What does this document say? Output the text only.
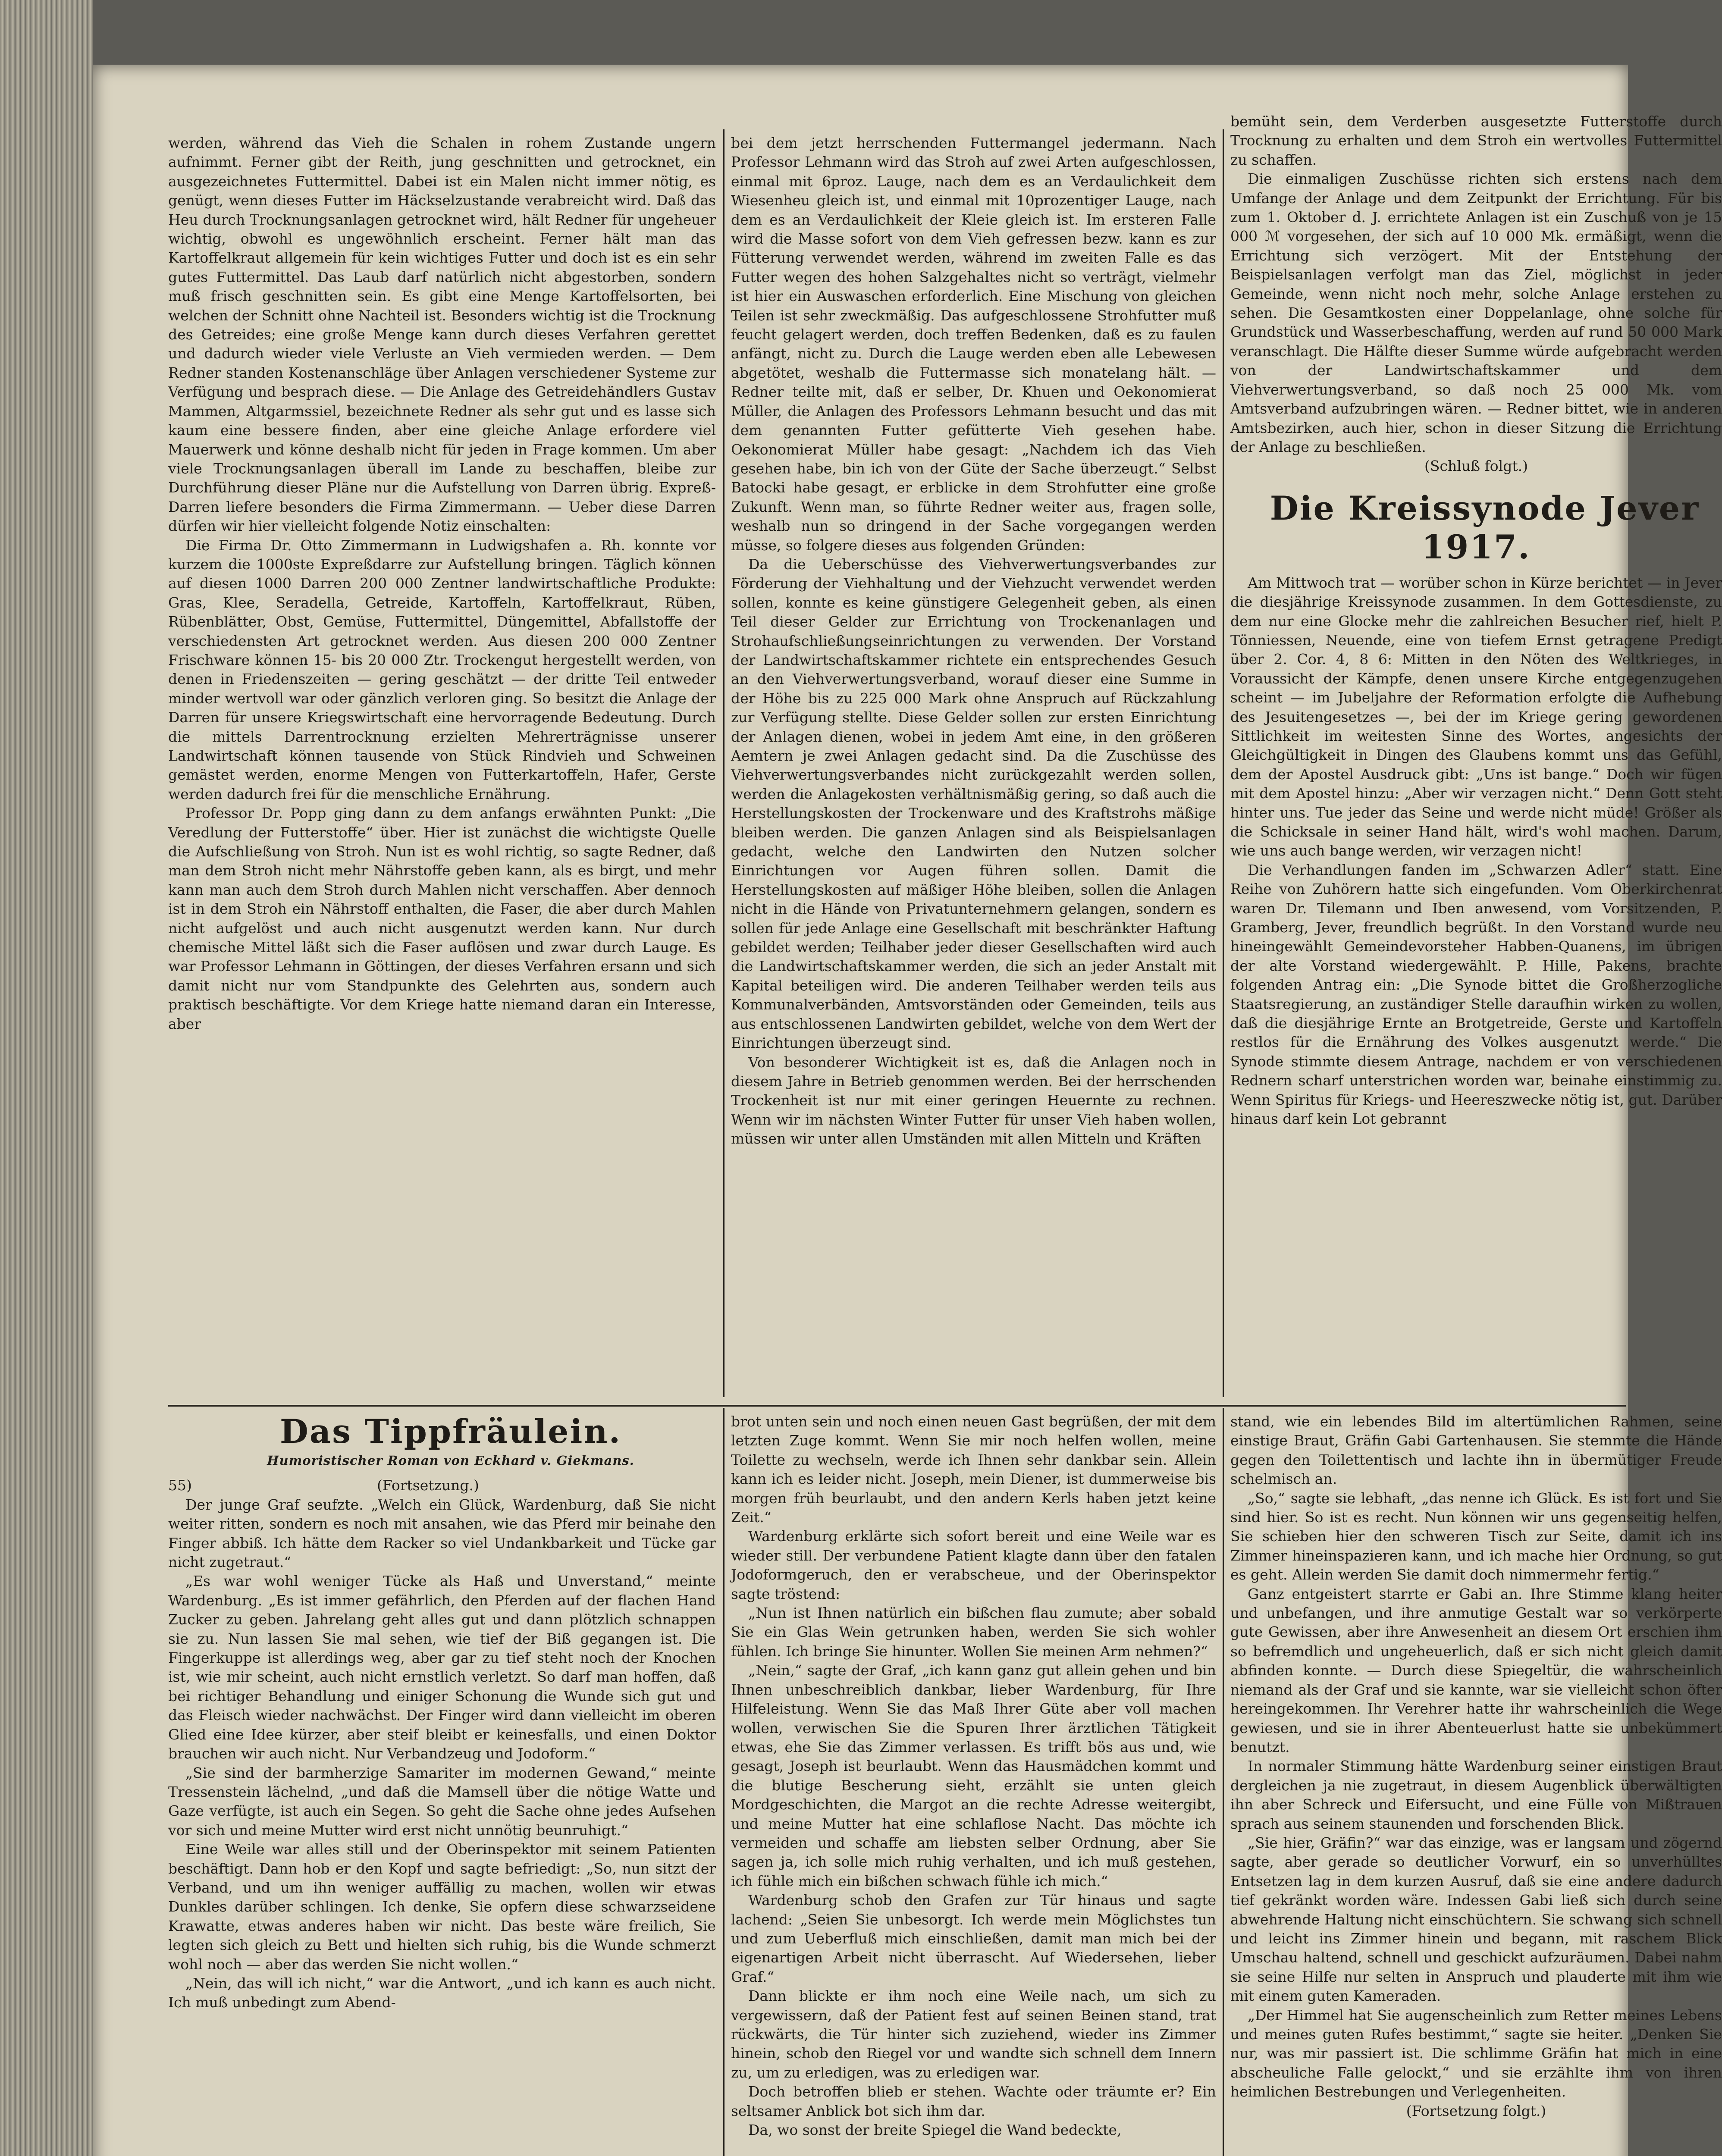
werden, während das Vieh die Schalen in rohem Zustande ungern aufnimmt. Ferner gibt der Reith, jung geschnitten und getrocknet, ein ausgezeichnetes Futtermittel. Dabei ist ein Malen nicht immer nötig, es genügt, wenn dieses Futter im Häckselzustande verabreicht wird. Daß das Heu durch Trocknungsanlagen getrocknet wird, hält Redner für ungeheuer wichtig, obwohl es ungewöhnlich erscheint. Ferner hält man das Kartoffelkraut allgemein für kein wichtiges Futter und doch ist es ein sehr gutes Futtermittel. Das Laub darf natürlich nicht abgestorben, sondern muß frisch geschnitten sein. Es gibt eine Menge Kartoffelsorten, bei welchen der Schnitt ohne Nachteil ist. Besonders wichtig ist die Trocknung des Getreides; eine große Menge kann durch dieses Verfahren gerettet und dadurch wieder viele Verluste an Vieh vermieden werden. — Dem Redner standen Kostenanschläge über Anlagen verschiedener Systeme zur Verfügung und besprach diese. — Die Anlage des Getreidehändlers Gustav Mammen, Altgarmssiel, bezeichnete Redner als sehr gut und es lasse sich kaum eine bessere finden, aber eine gleiche Anlage erfordere viel Mauerwerk und könne deshalb nicht für jeden in Frage kommen. Um aber viele Trocknungsanlagen überall im Lande zu beschaffen, bleibe zur Durchführung dieser Pläne nur die Aufstellung von Darren übrig. Expreß-Darren liefere besonders die Firma Zimmermann. — Ueber diese Darren dürfen wir hier vielleicht folgende Notiz einschalten:

Die Firma Dr. Otto Zimmermann in Ludwigshafen a. Rh. konnte vor kurzem die 1000ste Expreßdarre zur Aufstellung bringen. Täglich können auf diesen 1000 Darren 200 000 Zentner landwirtschaftliche Produkte: Gras, Klee, Seradella, Getreide, Kartoffeln, Kartoffelkraut, Rüben, Rübenblätter, Obst, Gemüse, Futtermittel, Düngemittel, Abfallstoffe der verschiedensten Art getrocknet werden. Aus diesen 200 000 Zentner Frischware können 15- bis 20 000 Ztr. Trockengut hergestellt werden, von denen in Friedenszeiten — gering geschätzt — der dritte Teil entweder minder wertvoll war oder gänzlich verloren ging. So besitzt die Anlage der Darren für unsere Kriegswirtschaft eine hervorragende Bedeutung. Durch die mittels Darrentrocknung erzielten Mehrerträgnisse unserer Landwirtschaft können tausende von Stück Rindvieh und Schweinen gemästet werden, enorme Mengen von Futterkartoffeln, Hafer, Gerste werden dadurch frei für die menschliche Ernährung.

Professor Dr. Popp ging dann zu dem anfangs erwähnten Punkt: „Die Veredlung der Futterstoffe“ über. Hier ist zunächst die wichtigste Quelle die Aufschließung von Stroh. Nun ist es wohl richtig, so sagte Redner, daß man dem Stroh nicht mehr Nährstoffe geben kann, als es birgt, und mehr kann man auch dem Stroh durch Mahlen nicht verschaffen. Aber dennoch ist in dem Stroh ein Nährstoff enthalten, die Faser, die aber durch Mahlen nicht aufgelöst und auch nicht ausgenutzt werden kann. Nur durch chemische Mittel läßt sich die Faser auflösen und zwar durch Lauge. Es war Professor Lehmann in Göttingen, der dieses Verfahren ersann und sich damit nicht nur vom Standpunkte des Gelehrten aus, sondern auch praktisch beschäftigte. Vor dem Kriege hatte niemand daran ein Interesse, aber

bei dem jetzt herrschenden Futtermangel jedermann. Nach Professor Lehmann wird das Stroh auf zwei Arten aufgeschlossen, einmal mit 6proz. Lauge, nach dem es an Verdaulichkeit dem Wiesenheu gleich ist, und einmal mit 10prozentiger Lauge, nach dem es an Verdaulichkeit der Kleie gleich ist. Im ersteren Falle wird die Masse sofort von dem Vieh gefressen bezw. kann es zur Fütterung verwendet werden, während im zweiten Falle es das Futter wegen des hohen Salzgehaltes nicht so verträgt, vielmehr ist hier ein Auswaschen erforderlich. Eine Mischung von gleichen Teilen ist sehr zweckmäßig. Das aufgeschlossene Strohfutter muß feucht gelagert werden, doch treffen Bedenken, daß es zu faulen anfängt, nicht zu. Durch die Lauge werden eben alle Lebewesen abgetötet, weshalb die Futtermasse sich monatelang hält. — Redner teilte mit, daß er selber, Dr. Khuen und Oekonomierat Müller, die Anlagen des Professors Lehmann besucht und das mit dem genannten Futter gefütterte Vieh gesehen habe. Oekonomierat Müller habe gesagt: „Nachdem ich das Vieh gesehen habe, bin ich von der Güte der Sache überzeugt.“ Selbst Batocki habe gesagt, er erblicke in dem Strohfutter eine große Zukunft. Wenn man, so führte Redner weiter aus, fragen solle, weshalb nun so dringend in der Sache vorgegangen werden müsse, so folgere dieses aus folgenden Gründen:

Da die Ueberschüsse des Viehverwertungsverbandes zur Förderung der Viehhaltung und der Viehzucht verwendet werden sollen, konnte es keine günstigere Gelegenheit geben, als einen Teil dieser Gelder zur Errichtung von Trockenanlagen und Strohaufschließungseinrichtungen zu verwenden. Der Vorstand der Landwirtschaftskammer richtete ein entsprechendes Gesuch an den Viehverwertungsverband, worauf dieser eine Summe in der Höhe bis zu 225 000 Mark ohne Anspruch auf Rückzahlung zur Verfügung stellte. Diese Gelder sollen zur ersten Einrichtung der Anlagen dienen, wobei in jedem Amt eine, in den größeren Aemtern je zwei Anlagen gedacht sind. Da die Zuschüsse des Viehverwertungsverbandes nicht zurückgezahlt werden sollen, werden die Anlagekosten verhältnismäßig gering, so daß auch die Herstellungskosten der Trockenware und des Kraftstrohs mäßige bleiben werden. Die ganzen Anlagen sind als Beispielsanlagen gedacht, welche den Landwirten den Nutzen solcher Einrichtungen vor Augen führen sollen. Damit die Herstellungskosten auf mäßiger Höhe bleiben, sollen die Anlagen nicht in die Hände von Privatunternehmern gelangen, sondern es sollen für jede Anlage eine Gesellschaft mit beschränkter Haftung gebildet werden; Teilhaber jeder dieser Gesellschaften wird auch die Landwirtschaftskammer werden, die sich an jeder Anstalt mit Kapital beteiligen wird. Die anderen Teilhaber werden teils aus Kommunalverbänden, Amtsvorständen oder Gemeinden, teils aus aus entschlossenen Landwirten gebildet, welche von dem Wert der Einrichtungen überzeugt sind.

Von besonderer Wichtigkeit ist es, daß die Anlagen noch in diesem Jahre in Betrieb genommen werden. Bei der herrschenden Trockenheit ist nur mit einer geringen Heuernte zu rechnen. Wenn wir im nächsten Winter Futter für unser Vieh haben wollen, müssen wir unter allen Umständen mit allen Mitteln und Kräften

bemüht sein, dem Verderben ausgesetzte Futterstoffe durch Trocknung zu erhalten und dem Stroh ein wertvolles Futtermittel zu schaffen.

Die einmaligen Zuschüsse richten sich erstens nach dem Umfange der Anlage und dem Zeitpunkt der Errichtung. Für bis zum 1. Oktober d. J. errichtete Anlagen ist ein Zuschuß von je 15 000 ℳ vorgesehen, der sich auf 10 000 Mk. ermäßigt, wenn die Errichtung sich verzögert. Mit der Entstehung der Beispielsanlagen verfolgt man das Ziel, möglichst in jeder Gemeinde, wenn nicht noch mehr, solche Anlage erstehen zu sehen. Die Gesamtkosten einer Doppelanlage, ohne solche für Grundstück und Wasserbeschaffung, werden auf rund 50 000 Mark veranschlagt. Die Hälfte dieser Summe würde aufgebracht werden von der Landwirtschaftskammer und dem Viehverwertungsverband, so daß noch 25 000 Mk. vom Amtsverband aufzubringen wären. — Redner bittet, wie in anderen Amtsbezirken, auch hier, schon in dieser Sitzung die Errichtung der Anlage zu beschließen.

(Schluß folgt.)

Die Kreissynode Jever 1917.

Am Mittwoch trat — worüber schon in Kürze berichtet — in Jever die diesjährige Kreissynode zusammen. In dem Gottesdienste, zu dem nur eine Glocke mehr die zahlreichen Besucher rief, hielt P. Tönniessen, Neuende, eine von tiefem Ernst getragene Predigt über 2. Cor. 4, 8 6: Mitten in den Nöten des Weltkrieges, in Voraussicht der Kämpfe, denen unsere Kirche entgegenzugehen scheint — im Jubeljahre der Reformation erfolgte die Aufhebung des Jesuitengesetzes —, bei der im Kriege gering gewordenen Sittlichkeit im weitesten Sinne des Wortes, angesichts der Gleichgültigkeit in Dingen des Glaubens kommt uns das Gefühl, dem der Apostel Ausdruck gibt: „Uns ist bange.“ Doch wir fügen mit dem Apostel hinzu: „Aber wir verzagen nicht.“ Denn Gott steht hinter uns. Tue jeder das Seine und werde nicht müde! Größer als die Schicksale in seiner Hand hält, wird's wohl machen. Darum, wie uns auch bange werden, wir verzagen nicht!

Die Verhandlungen fanden im „Schwarzen Adler“ statt. Eine Reihe von Zuhörern hatte sich eingefunden. Vom Oberkirchenrat waren Dr. Tilemann und Iben anwesend, vom Vorsitzenden, P. Gramberg, Jever, freundlich begrüßt. In den Vorstand wurde neu hineingewählt Gemeindevorsteher Habben-Quanens, im übrigen der alte Vorstand wiedergewählt. P. Hille, Pakens, brachte folgenden Antrag ein: „Die Synode bittet die Großherzogliche Staatsregierung, an zuständiger Stelle daraufhin wirken zu wollen, daß die diesjährige Ernte an Brotgetreide, Gerste und Kartoffeln restlos für die Ernährung des Volkes ausgenutzt werde.“ Die Synode stimmte diesem Antrage, nachdem er von verschiedenen Rednern scharf unterstrichen worden war, beinahe einstimmig zu. Wenn Spiritus für Kriegs- und Heereszwecke nötig ist, gut. Darüber hinaus darf kein Lot gebrannt

Das Tippfräulein.

Humoristischer Roman von Eckhard v. Giekmans.

55)	(Fortsetzung.)

Der junge Graf seufzte. „Welch ein Glück, Wardenburg, daß Sie nicht weiter ritten, sondern es noch mit ansahen, wie das Pferd mir beinahe den Finger abbiß. Ich hätte dem Racker so viel Undankbarkeit und Tücke gar nicht zugetraut.“

„Es war wohl weniger Tücke als Haß und Unverstand,“ meinte Wardenburg. „Es ist immer gefährlich, den Pferden auf der flachen Hand Zucker zu geben. Jahrelang geht alles gut und dann plötzlich schnappen sie zu. Nun lassen Sie mal sehen, wie tief der Biß gegangen ist. Die Fingerkuppe ist allerdings weg, aber gar zu tief steht noch der Knochen ist, wie mir scheint, auch nicht ernstlich verletzt. So darf man hoffen, daß bei richtiger Behandlung und einiger Schonung die Wunde sich gut und das Fleisch wieder nachwächst. Der Finger wird dann vielleicht im oberen Glied eine Idee kürzer, aber steif bleibt er keinesfalls, und einen Doktor brauchen wir auch nicht. Nur Verbandzeug und Jodoform.“

„Sie sind der barmherzige Samariter im modernen Gewand,“ meinte Tressenstein lächelnd, „und daß die Mamsell über die nötige Watte und Gaze verfügte, ist auch ein Segen. So geht die Sache ohne jedes Aufsehen vor sich und meine Mutter wird erst nicht unnötig beunruhigt.“

Eine Weile war alles still und der Oberinspektor mit seinem Patienten beschäftigt. Dann hob er den Kopf und sagte befriedigt: „So, nun sitzt der Verband, und um ihn weniger auffällig zu machen, wollen wir etwas Dunkles darüber schlingen. Ich denke, Sie opfern diese schwarzseidene Krawatte, etwas anderes haben wir nicht. Das beste wäre freilich, Sie legten sich gleich zu Bett und hielten sich ruhig, bis die Wunde schmerzt wohl noch — aber das werden Sie nicht wollen.“

„Nein, das will ich nicht,“ war die Antwort, „und ich kann es auch nicht. Ich muß unbedingt zum Abend-

brot unten sein und noch einen neuen Gast begrüßen, der mit dem letzten Zuge kommt. Wenn Sie mir noch helfen wollen, meine Toilette zu wechseln, werde ich Ihnen sehr dankbar sein. Allein kann ich es leider nicht. Joseph, mein Diener, ist dummerweise bis morgen früh beurlaubt, und den andern Kerls haben jetzt keine Zeit.“

Wardenburg erklärte sich sofort bereit und eine Weile war es wieder still. Der verbundene Patient klagte dann über den fatalen Jodoformgeruch, den er verabscheue, und der Oberinspektor sagte tröstend:

„Nun ist Ihnen natürlich ein bißchen flau zumute; aber sobald Sie ein Glas Wein getrunken haben, werden Sie sich wohler fühlen. Ich bringe Sie hinunter. Wollen Sie meinen Arm nehmen?“

„Nein,“ sagte der Graf, „ich kann ganz gut allein gehen und bin Ihnen unbeschreiblich dankbar, lieber Wardenburg, für Ihre Hilfeleistung. Wenn Sie das Maß Ihrer Güte aber voll machen wollen, verwischen Sie die Spuren Ihrer ärztlichen Tätigkeit etwas, ehe Sie das Zimmer verlassen. Es trifft bös aus und, wie gesagt, Joseph ist beurlaubt. Wenn das Hausmädchen kommt und die blutige Bescherung sieht, erzählt sie unten gleich Mordgeschichten, die Margot an die rechte Adresse weitergibt, und meine Mutter hat eine schlaflose Nacht. Das möchte ich vermeiden und schaffe am liebsten selber Ordnung, aber Sie sagen ja, ich solle mich ruhig verhalten, und ich muß gestehen, ich fühle mich ein bißchen schwach fühle ich mich.“

Wardenburg schob den Grafen zur Tür hinaus und sagte lachend: „Seien Sie unbesorgt. Ich werde mein Möglichstes tun und zum Ueberfluß mich einschließen, damit man mich bei der eigenartigen Arbeit nicht überrascht. Auf Wiedersehen, lieber Graf.“

Dann blickte er ihm noch eine Weile nach, um sich zu vergewissern, daß der Patient fest auf seinen Beinen stand, trat rückwärts, die Tür hinter sich zuziehend, wieder ins Zimmer hinein, schob den Riegel vor und wandte sich schnell dem Innern zu, um zu erledigen, was zu erledigen war.

Doch betroffen blieb er stehen. Wachte oder träumte er? Ein seltsamer Anblick bot sich ihm dar.

Da, wo sonst der breite Spiegel die Wand bedeckte,

stand, wie ein lebendes Bild im altertümlichen Rahmen, seine einstige Braut, Gräfin Gabi Gartenhausen. Sie stemmte die Hände gegen den Toilettentisch und lachte ihn in übermütiger Freude schelmisch an.

„So,“ sagte sie lebhaft, „das nenne ich Glück. Es ist fort und Sie sind hier. So ist es recht. Nun können wir uns gegenseitig helfen, Sie schieben hier den schweren Tisch zur Seite, damit ich ins Zimmer hineinspazieren kann, und ich mache hier Ordnung, so gut es geht. Allein werden Sie damit doch nimmermehr fertig.“

Ganz entgeistert starrte er Gabi an. Ihre Stimme klang heiter und unbefangen, und ihre anmutige Gestalt war so verkörperte gute Gewissen, aber ihre Anwesenheit an diesem Ort erschien ihm so befremdlich und ungeheuerlich, daß er sich nicht gleich damit abfinden konnte. — Durch diese Spiegeltür, die wahrscheinlich niemand als der Graf und sie kannte, war sie vielleicht schon öfter hereingekommen. Ihr Verehrer hatte ihr wahrscheinlich die Wege gewiesen, und sie in ihrer Abenteuerlust hatte sie unbekümmert benutzt.

In normaler Stimmung hätte Wardenburg seiner einstigen Braut dergleichen ja nie zugetraut, in diesem Augenblick überwältigten ihn aber Schreck und Eifersucht, und eine Fülle von Mißtrauen sprach aus seinem staunenden und forschenden Blick.

„Sie hier, Gräfin?“ war das einzige, was er langsam und zögernd sagte, aber gerade so deutlicher Vorwurf, ein so unverhülltes Entsetzen lag in dem kurzen Ausruf, daß sie eine andere dadurch tief gekränkt worden wäre. Indessen Gabi ließ sich durch seine abwehrende Haltung nicht einschüchtern. Sie schwang sich schnell und leicht ins Zimmer hinein und begann, mit raschem Blick Umschau haltend, schnell und geschickt aufzuräumen. Dabei nahm sie seine Hilfe nur selten in Anspruch und plauderte mit ihm wie mit einem guten Kameraden.

„Der Himmel hat Sie augenscheinlich zum Retter meines Lebens und meines guten Rufes bestimmt,“ sagte sie heiter. „Denken Sie nur, was mir passiert ist. Die schlimme Gräfin hat mich in eine abscheuliche Falle gelockt,“ und sie erzählte ihm von ihren heimlichen Bestrebungen und Verlegenheiten.

(Fortsetzung folgt.)
